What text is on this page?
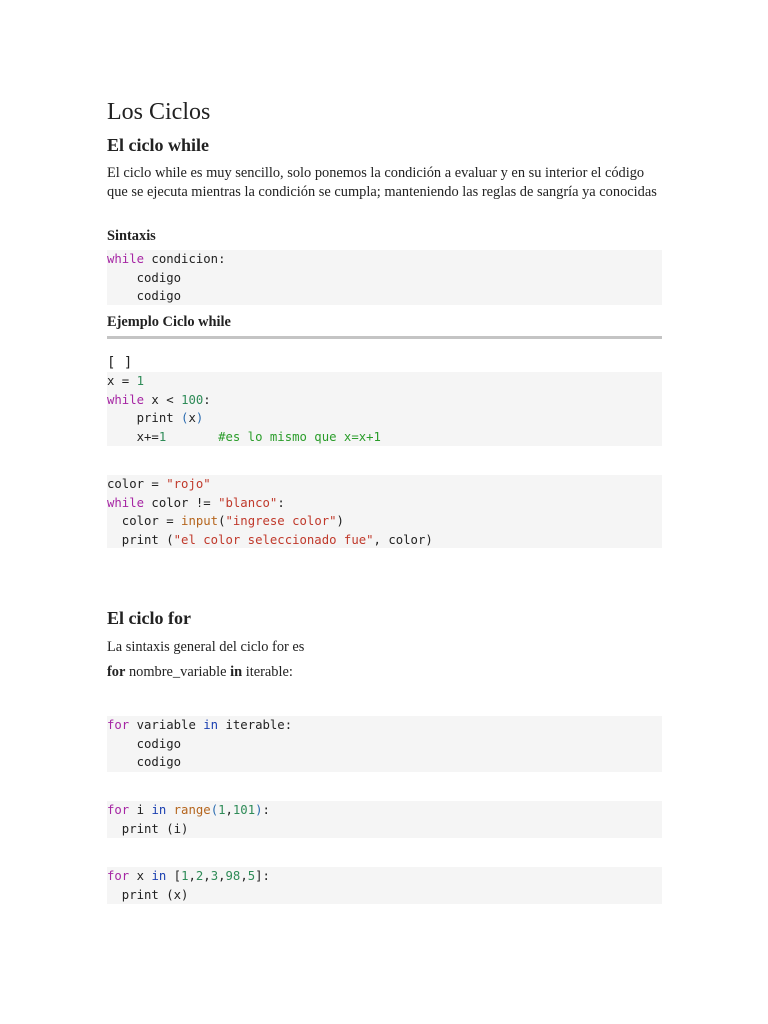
Los Ciclos
El ciclo while

El ciclo while es muy sencillo, solo ponemos la condición a evaluar y en su interior el código que se ejecuta mientras la condición se cumpla; manteniendo las reglas de sangría ya conocidas

Sintaxis

while condicion:
codigo
codigo

Ejemplo Ciclo while

[ ]
x = 1
while x < 100:
print (x)
x+=1	#es lo mismo que x=x+1
color = "rojo"
while color != "blanco":
color = input("ingrese color")
print ("el color seleccionado fue", color)
El ciclo for

La sintaxis general del ciclo for es

for nombre_variable in iterable:

for variable in iterable:
codigo
codigo
for i in range(1,101):
print (i)
for x in [1,2,3,98,5]:
print (x)
